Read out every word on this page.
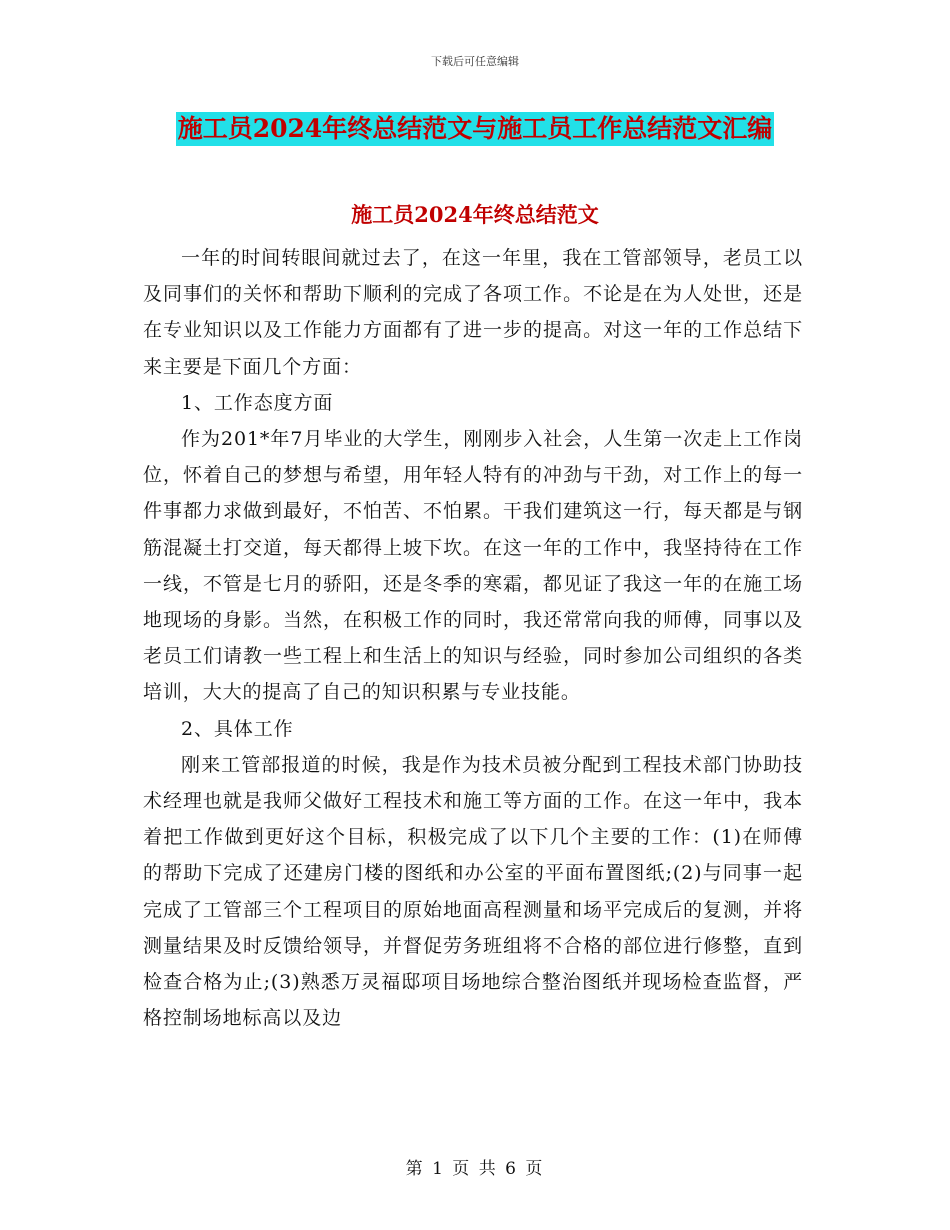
下载后可任意编辑
施工员2024年终总结范文与施工员工作总结范文汇编
施工员2024年终总结范文

一年的时间转眼间就过去了，在这一年里，我在工管部领导，老员工以及同事们的关怀和帮助下顺利的完成了各项工作。不论是在为人处世，还是在专业知识以及工作能力方面都有了进一步的提高。对这一年的工作总结下来主要是下面几个方面：

1、工作态度方面

作为201*年7月毕业的大学生，刚刚步入社会，人生第一次走上工作岗位，怀着自己的梦想与希望，用年轻人特有的冲劲与干劲，对工作上的每一件事都力求做到最好，不怕苦、不怕累。干我们建筑这一行，每天都是与钢筋混凝土打交道，每天都得上坡下坎。在这一年的工作中，我坚持待在工作一线，不管是七月的骄阳，还是冬季的寒霜，都见证了我这一年的在施工场地现场的身影。当然，在积极工作的同时，我还常常向我的师傅，同事以及老员工们请教一些工程上和生活上的知识与经验，同时参加公司组织的各类培训，大大的提高了自己的知识积累与专业技能。

2、具体工作

刚来工管部报道的时候，我是作为技术员被分配到工程技术部门协助技术经理也就是我师父做好工程技术和施工等方面的工作。在这一年中，我本着把工作做到更好这个目标，积极完成了以下几个主要的工作：(1)在师傅的帮助下完成了还建房门楼的图纸和办公室的平面布置图纸;(2)与同事一起完成了工管部三个工程项目的原始地面高程测量和场平完成后的复测，并将测量结果及时反馈给领导，并督促劳务班组将不合格的部位进行修整，直到检查合格为止;(3)熟悉万灵福邸项目场地综合整治图纸并现场检查监督，严格控制场地标高以及边

第 1 页 共 6 页
